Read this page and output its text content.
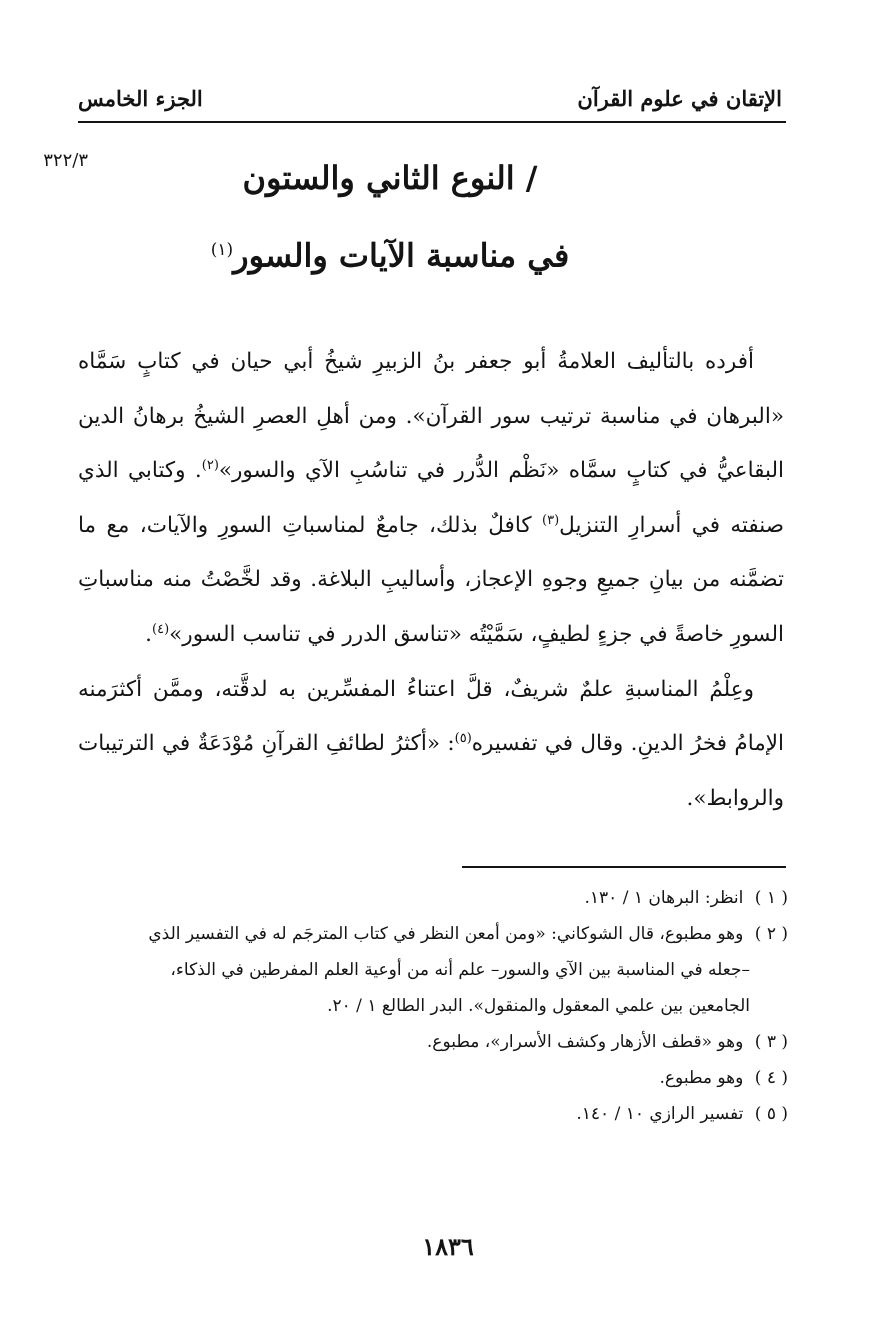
الإتقان في علوم القرآن
الجزء الخامس
٣٢٢/٣	/ النوع الثاني والستون
في مناسبة الآيات والسور$^{(١)}$

أفرده بالتأليف العلامةُ أبو جعفر بنُ الزبيرِ شيخُ أبي حيان في كتابٍ سَمَّاه «البرهان في مناسبة ترتيب سور القرآن». ومن أهلِ العصرِ الشيخُ برهانُ الدين البقاعيُّ في كتابٍ سمَّاه «نَظْم الدُّرر في تناسُبِ الآي والسور»$^{(٢)}$. وكتابي الذي صنفته في أسرارِ التنزيل$^{(٣)}$ كافلٌ بذلك، جامعٌ لمناسباتِ السورِ والآيات، مع ما تضمَّنه من بيانِ جميعِ وجوهِ الإعجاز، وأساليبِ البلاغة. وقد لخَّصْتُ منه مناسباتِ السورِ خاصةً في جزءٍ لطيفٍ، سَمَّيْتُه «تناسق الدرر في تناسب السور»$^{(٤)}$.

وعِلْمُ المناسبةِ علمٌ شريفٌ، قلَّ اعتناءُ المفسِّرين به لدقَّته، وممَّن أكثرَمنه الإمامُ فخرُ الدينِ. وقال في تفسيره$^{(٥)}$: «أكثرُ لطائفِ القرآنِ مُوْدَعَةٌ في الترتيبات والروابط».

( ١ ) انظر: البرهان ١ / ١٣٠.

( ٢ ) وهو مطبوع، قال الشوكاني: «ومن أمعن النظر في كتاب المترجَم له في التفسير الذي

–جعله في المناسبة بين الآي والسور– علم أنه من أوعية العلم المفرطين في الذكاء،

الجامعين بين علمي المعقول والمنقول». البدر الطالع ١ / ٢٠.

( ٣ ) وهو «قطف الأزهار وكشف الأسرار»، مطبوع.

( ٤ ) وهو مطبوع.

( ٥ ) تفسير الرازي ١٠ / ١٤٠.

١٨٣٦
